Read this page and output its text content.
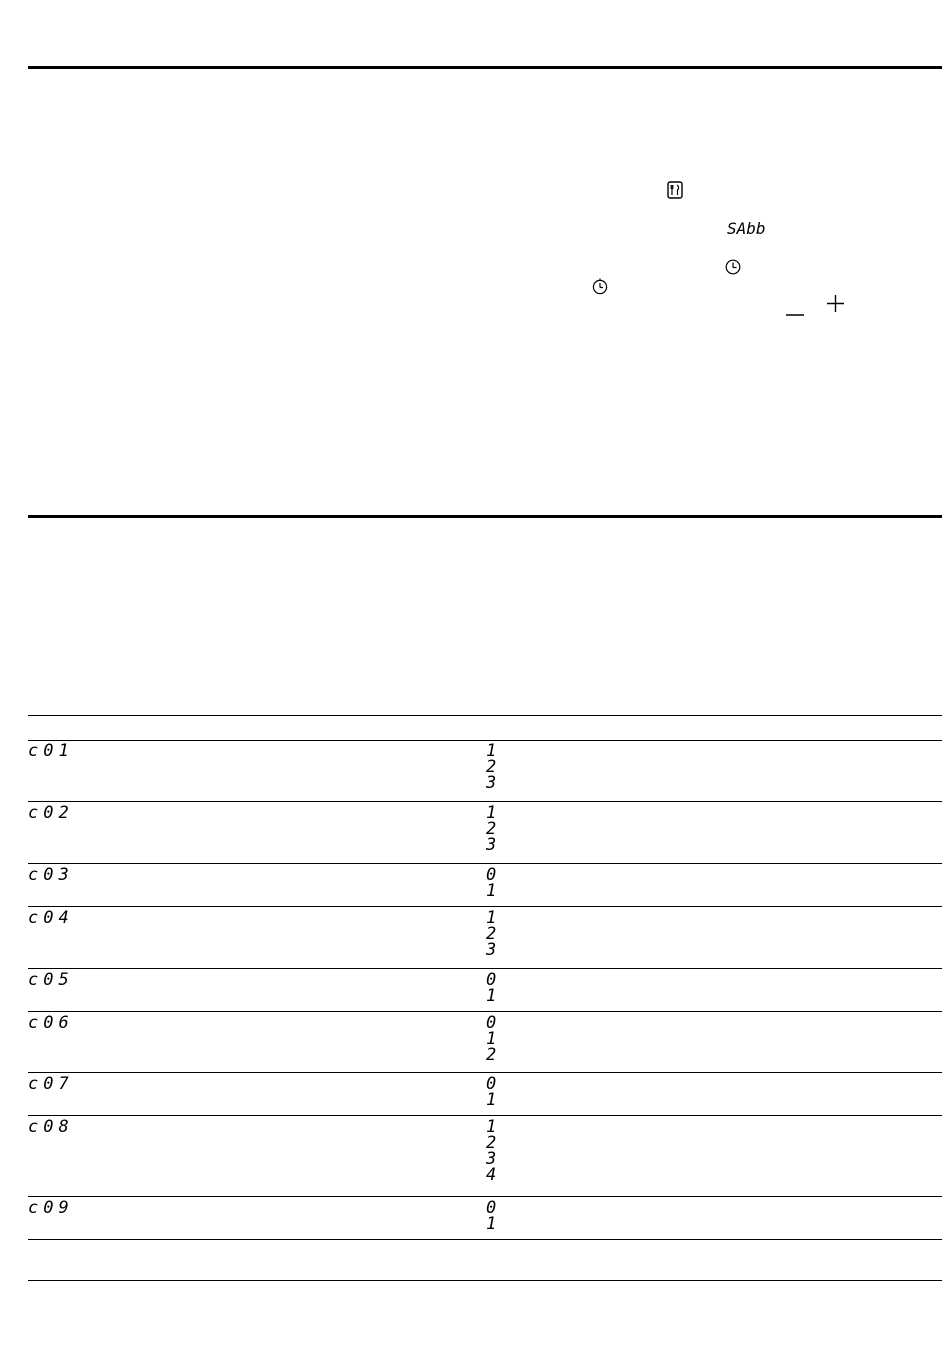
SAbb
c01	1
2
3
c02	1
2
3
c03	0
1
c04	1
2
3
c05	0
1
c06	0
1
2
c07	0
1
c08	1
2
3
4
c09	0
1
